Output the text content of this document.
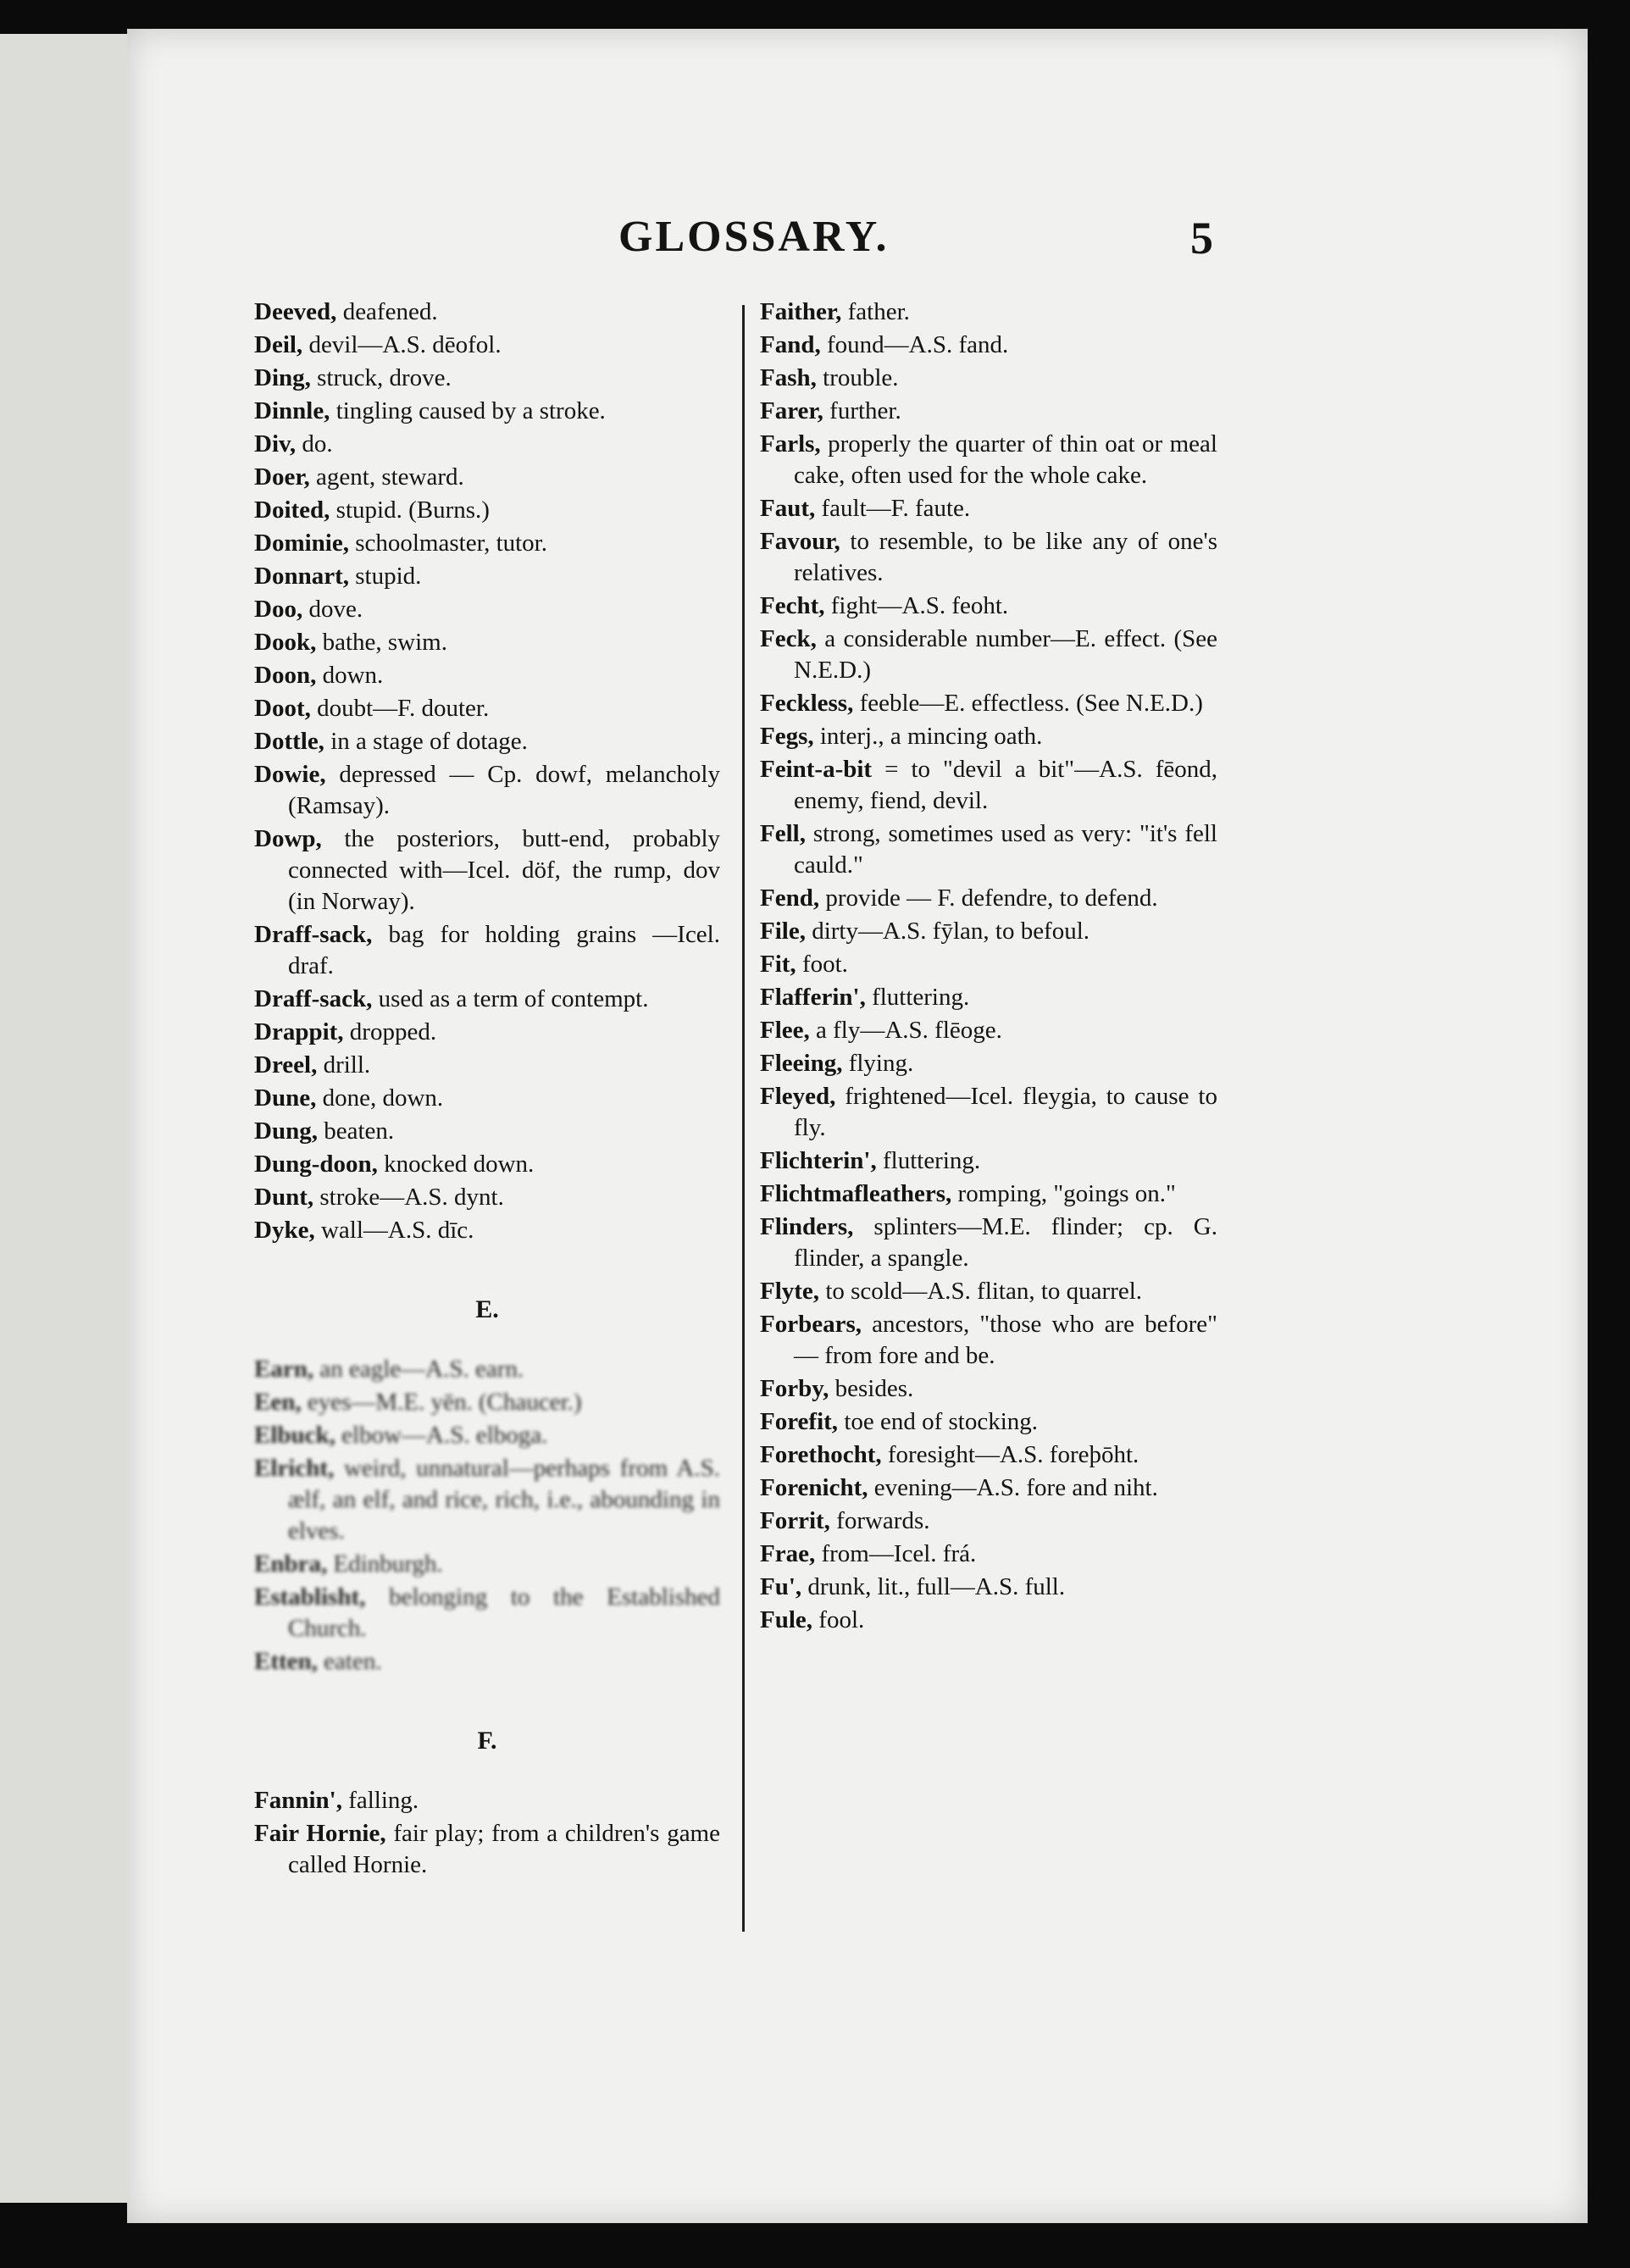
GLOSSARY.	5
Deeved, deafened.
Deil, devil—A.S. dēofol.
Ding, struck, drove.
Dinnle, tingling caused by a stroke.
Div, do.
Doer, agent, steward.
Doited, stupid. (Burns.)
Dominie, schoolmaster, tutor.
Donnart, stupid.
Doo, dove.
Dook, bathe, swim.
Doon, down.
Doot, doubt—F. douter.
Dottle, in a stage of dotage.
Dowie, depressed — Cp. dowf, melancholy (Ramsay).
Dowp, the posteriors, butt-end, probably connected with—Icel. döf, the rump, dov (in Norway).
Draff-sack, bag for holding grains —Icel. draf.
Draff-sack, used as a term of contempt.
Drappit, dropped.
Dreel, drill.
Dune, done, down.
Dung, beaten.
Dung-doon, knocked down.
Dunt, stroke—A.S. dynt.
Dyke, wall—A.S. dīc.
E.
Earn, an eagle—A.S. earn.
Een, eyes—M.E. yēn. (Chaucer.)
Elbuck, elbow—A.S. elboga.
Elricht, weird, unnatural—perhaps from A.S. ælf, an elf, and rice, rich, i.e., abounding in elves.
Enbra, Edinburgh.
Establisht, belonging to the Established Church.
Etten, eaten.
F.
Fannin', falling.
Fair Hornie, fair play; from a children's game called Hornie.
Faither, father.
Fand, found—A.S. fand.
Fash, trouble.
Farer, further.
Farls, properly the quarter of thin oat or meal cake, often used for the whole cake.
Faut, fault—F. faute.
Favour, to resemble, to be like any of one's relatives.
Fecht, fight—A.S. feoht.
Feck, a considerable number—E. effect. (See N.E.D.)
Feckless, feeble—E. effectless. (See N.E.D.)
Fegs, interj., a mincing oath.
Feint-a-bit = to "devil a bit"—A.S. fēond, enemy, fiend, devil.
Fell, strong, sometimes used as very: "it's fell cauld."
Fend, provide — F. defendre, to defend.
File, dirty—A.S. fȳlan, to befoul.
Fit, foot.
Flafferin', fluttering.
Flee, a fly—A.S. flēoge.
Fleeing, flying.
Fleyed, frightened—Icel. fleygia, to cause to fly.
Flichterin', fluttering.
Flichtmafleathers, romping, "goings on."
Flinders, splinters—M.E. flinder; cp. G. flinder, a spangle.
Flyte, to scold—A.S. flitan, to quarrel.
Forbears, ancestors, "those who are before" — from fore and be.
Forby, besides.
Forefit, toe end of stocking.
Forethocht, foresight—A.S. foreþōht.
Forenicht, evening—A.S. fore and niht.
Forrit, forwards.
Frae, from—Icel. frá.
Fu', drunk, lit., full—A.S. full.
Fule, fool.
